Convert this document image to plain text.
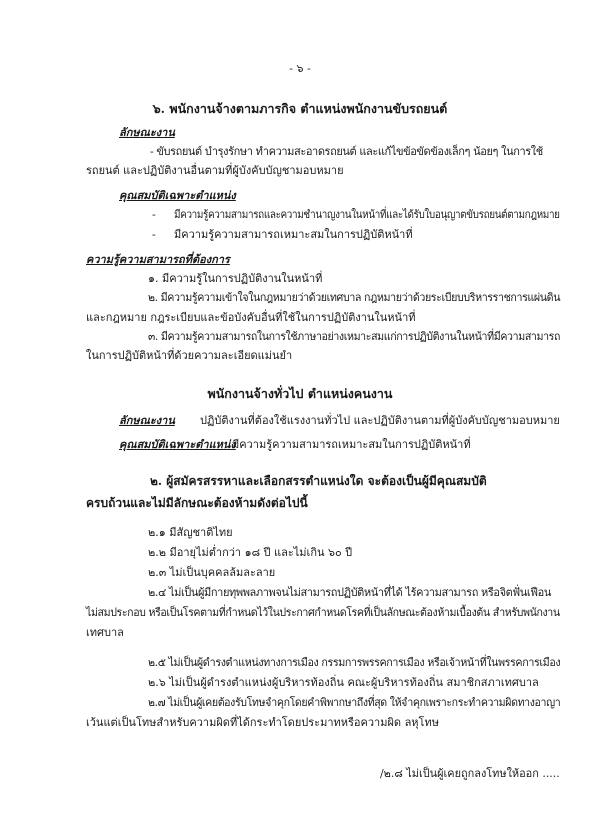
- ๖ -
๖. พนักงานจ้างตามภารกิจ ตำแหน่งพนักงานขับรถยนต์
ลักษณะงาน
- ขับรถยนต์ บำรุงรักษา ทำความสะอาดรถยนต์ และแก้ไขข้อขัดข้องเล็กๆ น้อยๆ ในการใช้
รถยนต์ และปฏิบัติงานอื่นตามที่ผู้บังคับบัญชามอบหมาย
คุณสมบัติเฉพาะตำแหน่ง
- มีความรู้ความสามารถและความชำนาญงานในหน้าที่และได้รับใบอนุญาตขับรถยนต์ตามกฎหมาย
- มีความรู้ความสามารถเหมาะสมในการปฏิบัติหน้าที่
ความรู้ความสามารถที่ต้องการ
๑. มีความรู้ในการปฏิบัติงานในหน้าที่
๒. มีความรู้ความเข้าใจในกฎหมายว่าด้วยเทศบาล กฎหมายว่าด้วยระเบียบบริหารราชการแผ่นดิน
และกฎหมาย กฎระเบียบและข้อบังคับอื่นที่ใช้ในการปฏิบัติงานในหน้าที่
๓. มีความรู้ความสามารถในการใช้ภาษาอย่างเหมาะสมแก่การปฏิบัติงานในหน้าที่มีความสามารถ
ในการปฏิบัติหน้าที่ด้วยความละเอียดแม่นยำ
พนักงานจ้างทั่วไป ตำแหน่งคนงาน
ลักษณะงาน ปฏิบัติงานที่ต้องใช้แรงงานทั่วไป และปฏิบัติงานตามที่ผู้บังคับบัญชามอบหมาย
คุณสมบัติเฉพาะตำแหน่ง
มีความรู้ความสามารถเหมาะสมในการปฏิบัติหน้าที่
๒. ผู้สมัครสรรหาและเลือกสรรตำแหน่งใด จะต้องเป็นผู้มีคุณสมบัติ
ครบถ้วนและไม่มีลักษณะต้องห้ามดังต่อไปนี้
๒.๑ มีสัญชาติไทย
๒.๒ มีอายุไม่ต่ำกว่า ๑๘ ปี และไม่เกิน ๖๐ ปี
๒.๓ ไม่เป็นบุคคลล้มละลาย
๒.๔ ไม่เป็นผู้มีกายทุพพลภาพจนไม่สามารถปฏิบัติหน้าที่ได้ ไร้ความสามารถ หรือจิตฟั่นเฟือน
ไม่สมประกอบ หรือเป็นโรคตามที่กำหนดไว้ในประกาศกำหนดโรคที่เป็นลักษณะต้องห้ามเบื้องต้น สำหรับพนักงาน
เทศบาล
๒.๕ ไม่เป็นผู้ดำรงตำแหน่งทางการเมือง กรรมการพรรคการเมือง หรือเจ้าหน้าที่ในพรรคการเมือง
๒.๖ ไม่เป็นผู้ดำรงตำแหน่งผู้บริหารท้องถิ่น คณะผู้บริหารท้องถิ่น สมาชิกสภาเทศบาล
๒.๗ ไม่เป็นผู้เคยต้องรับโทษจำคุกโดยคำพิพากษาถึงที่สุด ให้จำคุกเพราะกระทำความผิดทางอาญา
เว้นแต่เป็นโทษสำหรับความผิดที่ได้กระทำโดยประมาทหรือความผิด ลหุโทษ
/๒.๘ ไม่เป็นผู้เคยถูกลงโทษให้ออก .....
